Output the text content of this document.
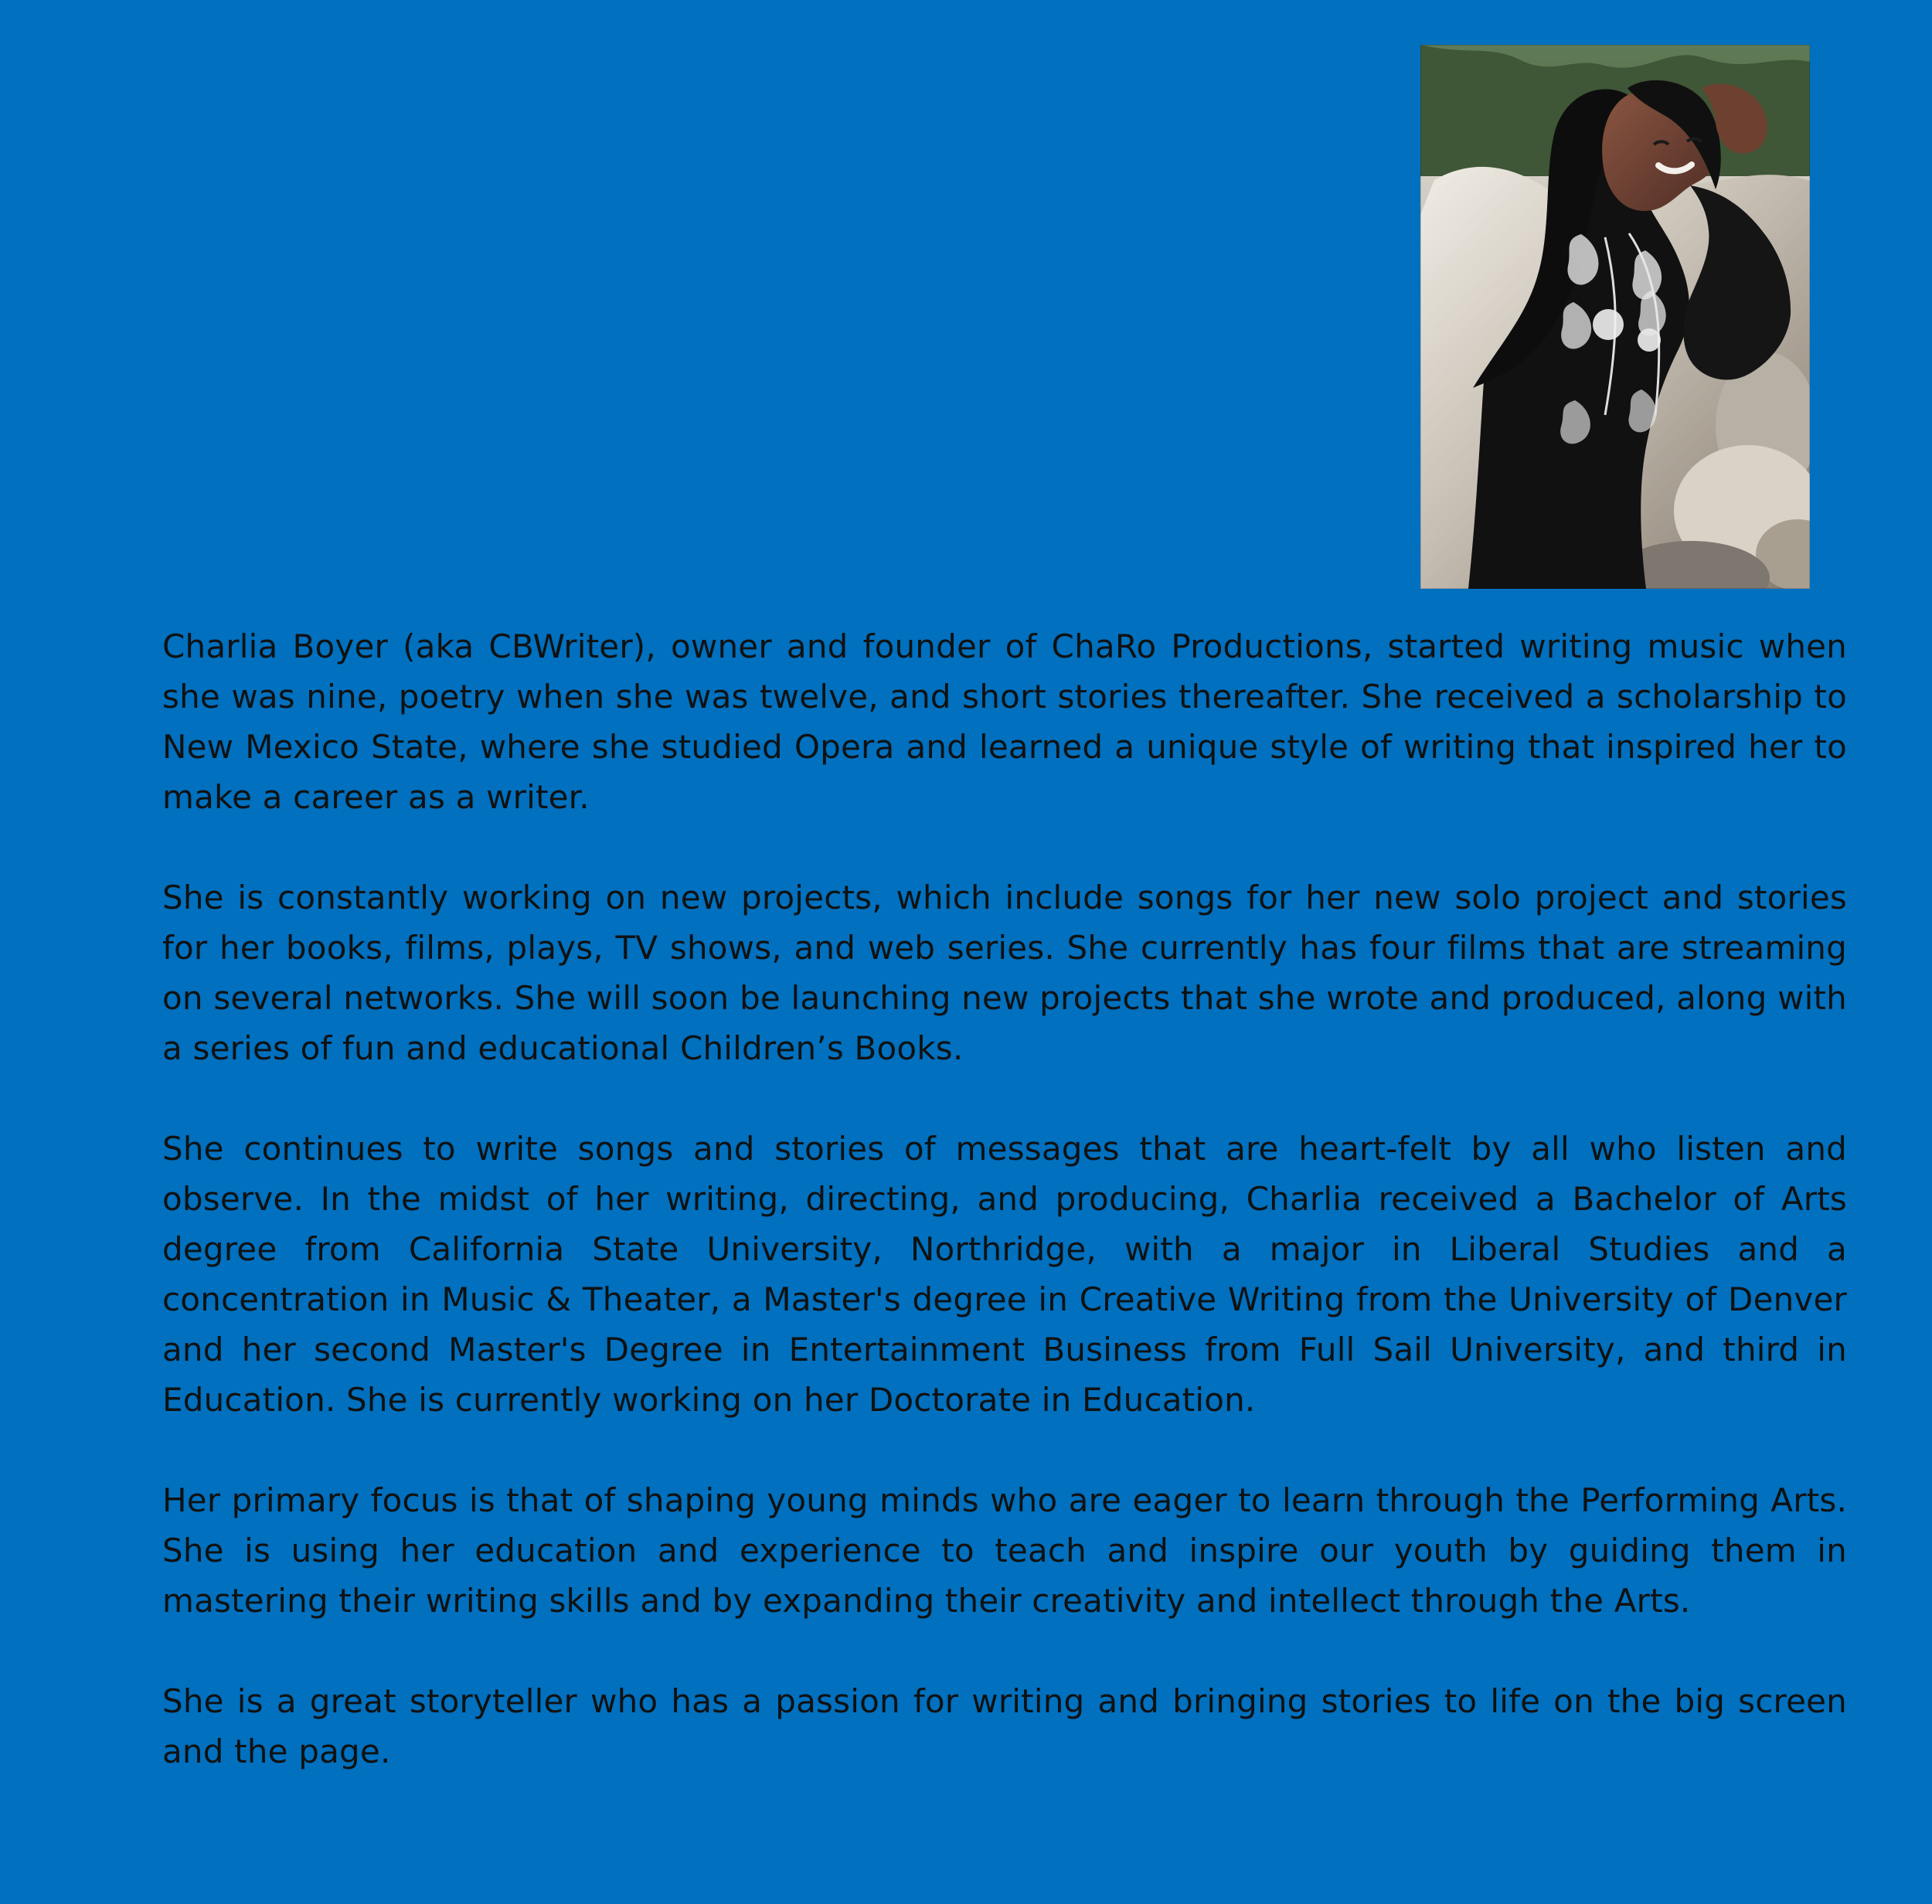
Charlia Boyer (aka CBWriter), owner and founder of ChaRo Productions, started writing music when she was nine, poetry when she was twelve, and short stories thereafter. She received a scholarship to New Mexico State, where she studied Opera and learned a unique style of writing that inspired her to make a career as a writer.

She is constantly working on new projects, which include songs for her new solo project and stories for her books, films, plays, TV shows, and web series. She currently has four films that are streaming on several networks. She will soon be launching new projects that she wrote and produced, along with a series of fun and educational Children’s Books.

She continues to write songs and stories of messages that are heart-felt by all who listen and observe. In the midst of her writing, directing, and producing, Charlia received a Bachelor of Arts degree from California State University, Northridge, with a major in Liberal Studies and a concentration in Music & Theater, a Master's degree in Creative Writing from the University of Denver and her second Master's Degree in Entertainment Business from Full Sail University, and third in Education. She is currently working on her Doctorate in Education.

Her primary focus is that of shaping young minds who are eager to learn through the Performing Arts. She is using her education and experience to teach and inspire our youth by guiding them in mastering their writing skills and by expanding their creativity and intellect through the Arts.

She is a great storyteller who has a passion for writing and bringing stories to life on the big screen and the page.
